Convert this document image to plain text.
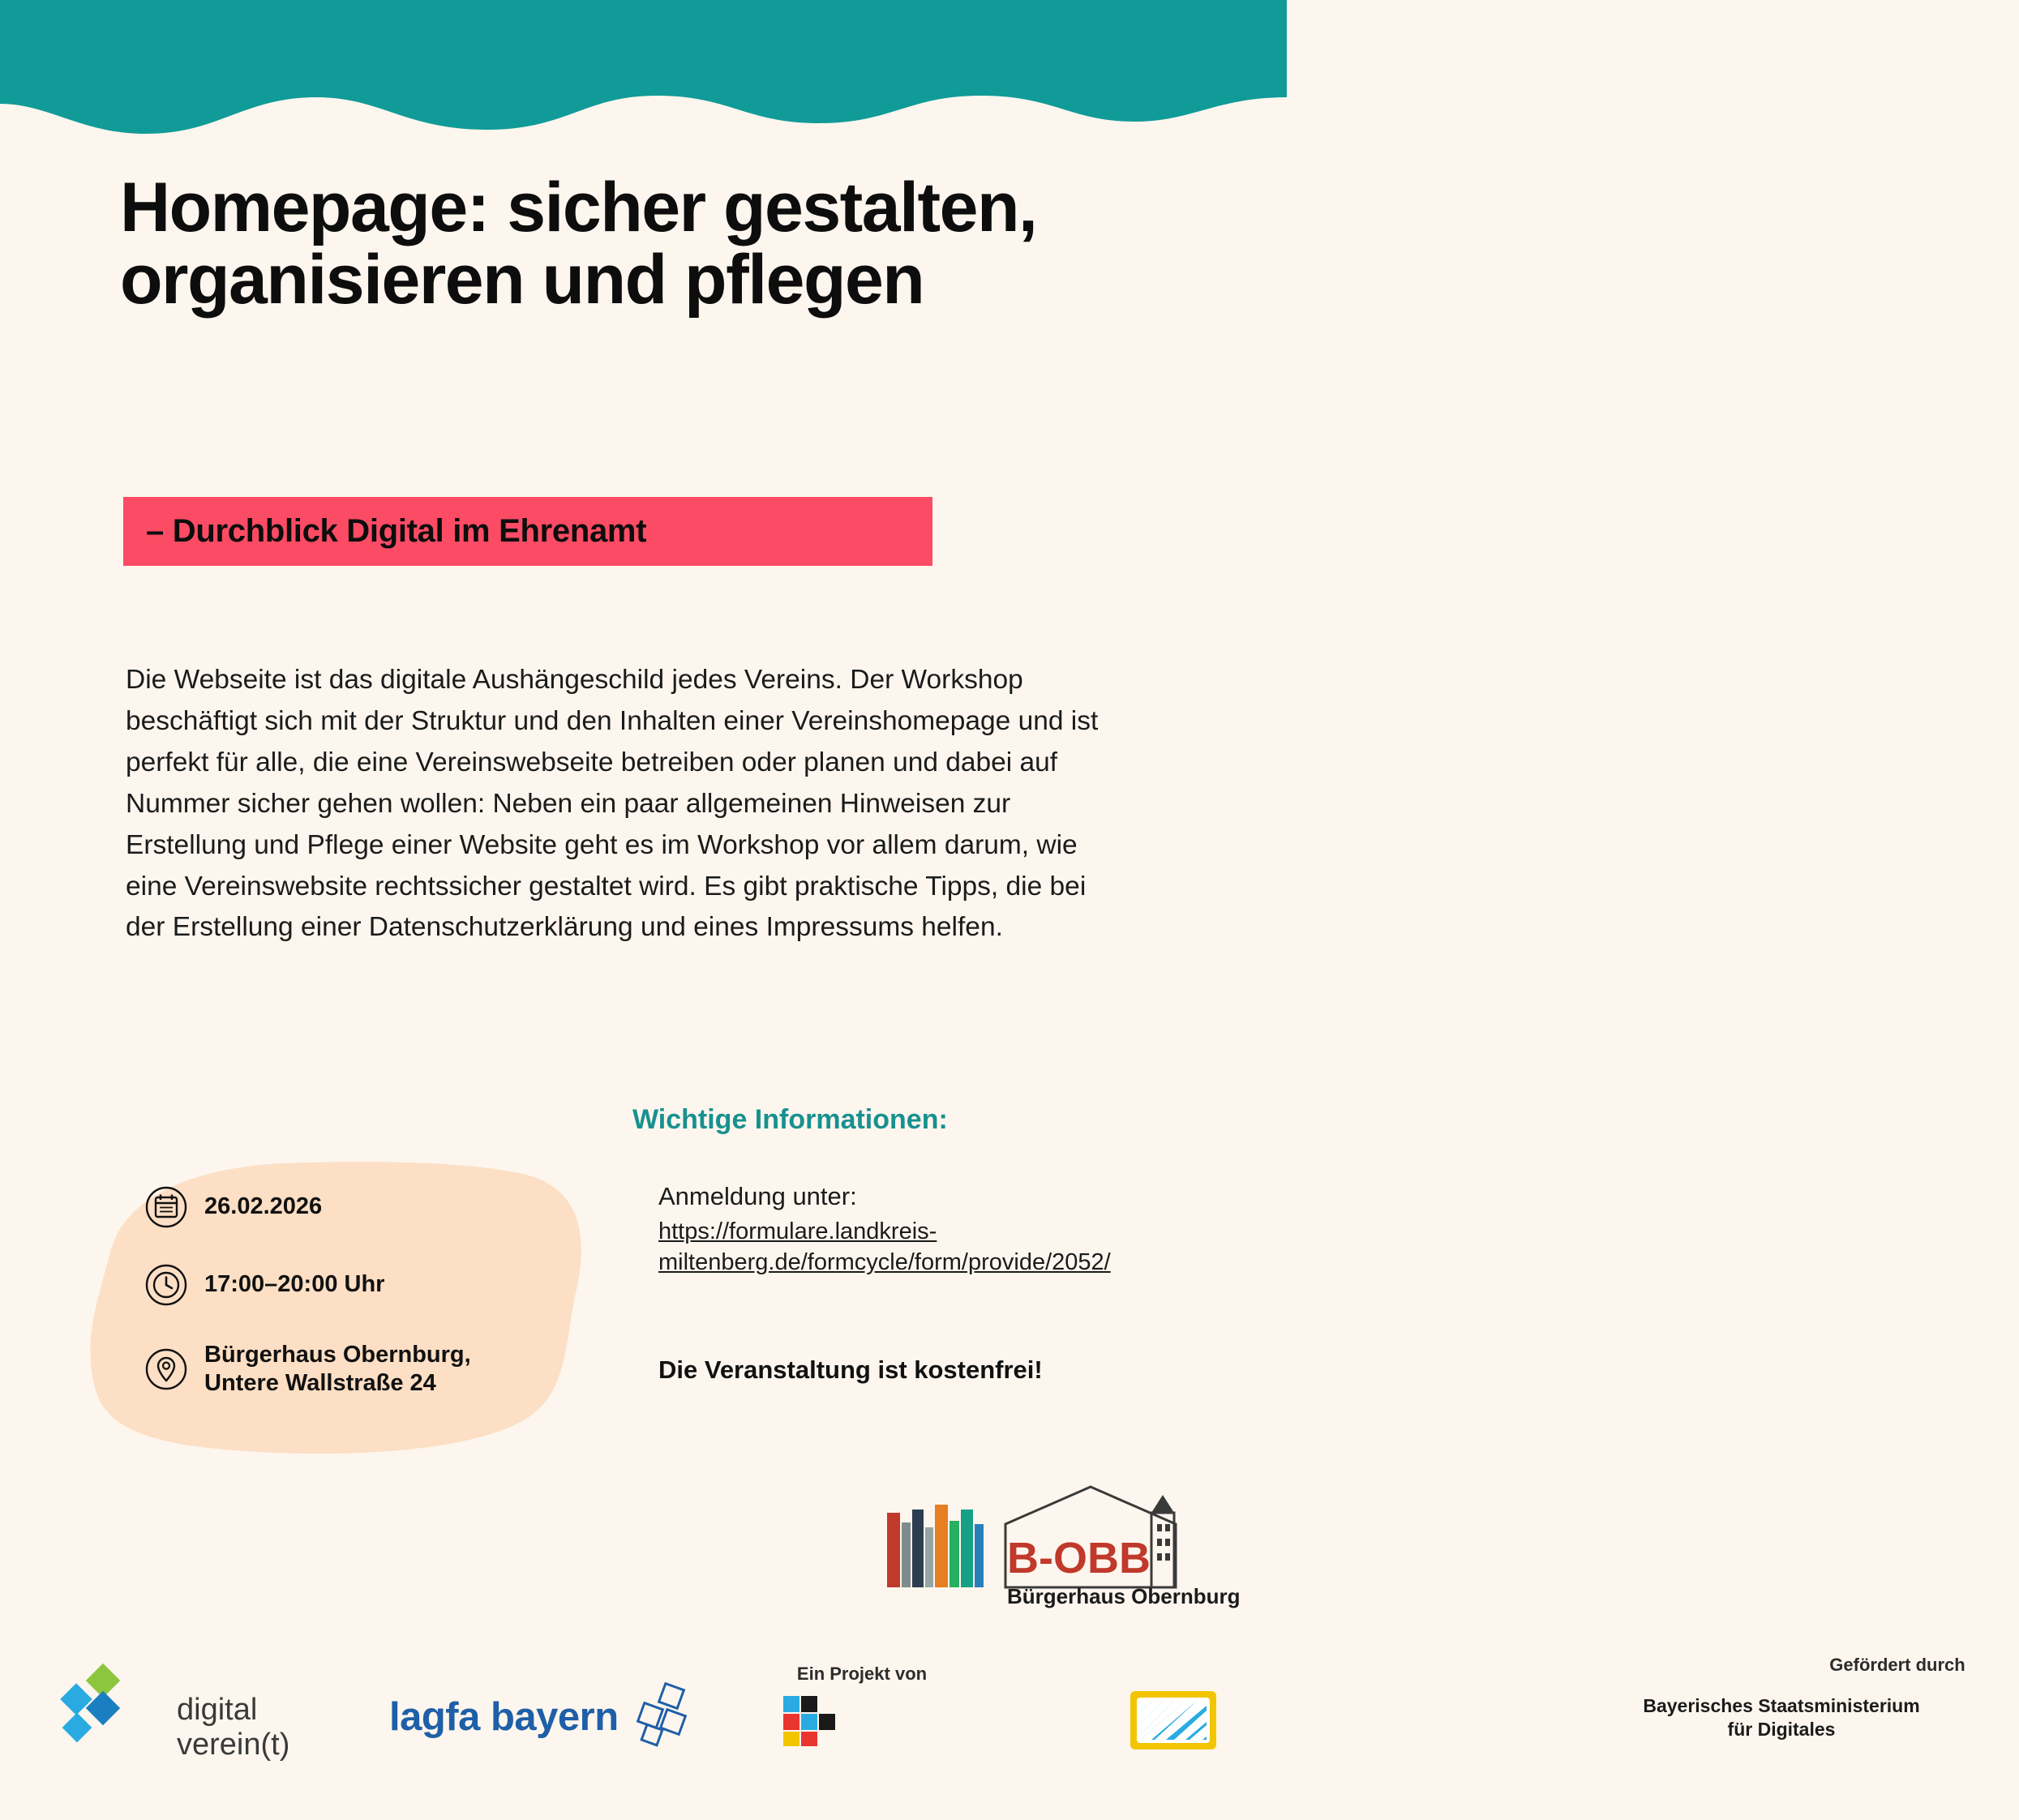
Homepage: sicher gestalten, organisieren und pflegen
– Durchblick Digital im Ehrenamt
Die Webseite ist das digitale Aushängeschild jedes Vereins. Der Workshop beschäftigt sich mit der Struktur und den Inhalten einer Vereinshomepage und ist perfekt für alle, die eine Vereinswebseite betreiben oder planen und dabei auf Nummer sicher gehen wollen: Neben ein paar allgemeinen Hinweisen zur Erstellung und Pflege einer Website geht es im Workshop vor allem darum, wie eine Vereinswebsite rechtssicher gestaltet wird. Es gibt praktische Tipps, die bei der Erstellung einer Datenschutzerklärung und eines Impressums helfen.
26.02.2026
17:00–20:00 Uhr
Bürgerhaus Obernburg,
Untere Wallstraße 24
Wichtige Informationen:
Anmeldung unter:
https://formulare.landkreis-miltenberg.de/formcycle/form/provide/2052/
Die Veranstaltung ist kostenfrei!
B-OBB
Bürgerhaus Obernburg
digital
verein(t)
Ein Projekt von
lagfa bayern
Gefördert durch
Bayerisches Staatsministerium
für Digitales
